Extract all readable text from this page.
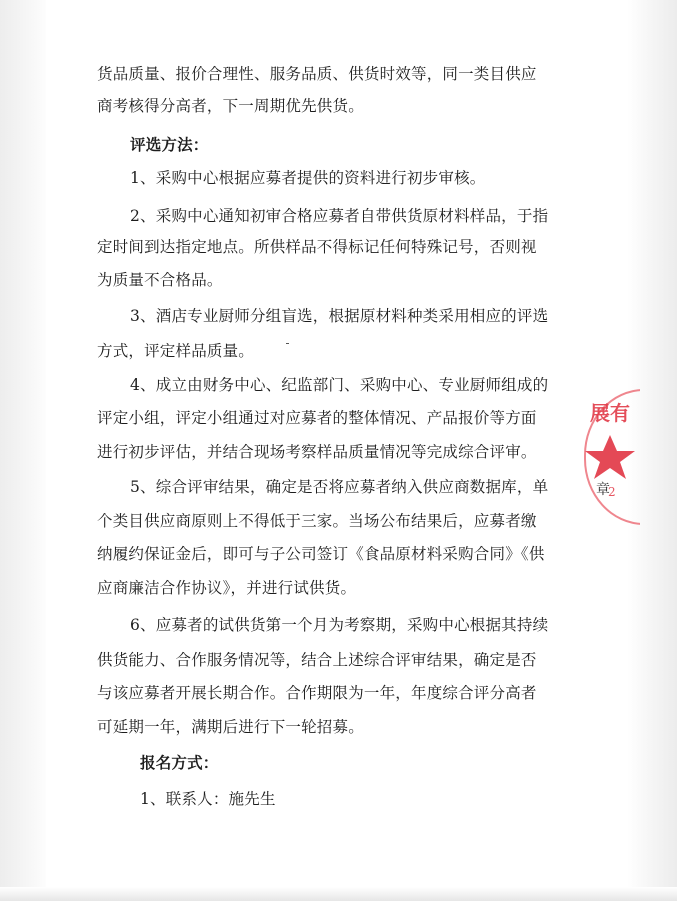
货品质量、报价合理性、服务品质、供货时效等，同一类目供应
商考核得分高者，下一周期优先供货。
评选方法：
1、采购中心根据应募者提供的资料进行初步审核。
2、采购中心通知初审合格应募者自带供货原材料样品，于指
定时间到达指定地点。所供样品不得标记任何特殊记号，否则视
为质量不合格品。
3、酒店专业厨师分组盲选，根据原材料种类采用相应的评选
方式，评定样品质量。
4、成立由财务中心、纪监部门、采购中心、专业厨师组成的
评定小组，评定小组通过对应募者的整体情况、产品报价等方面
进行初步评估，并结合现场考察样品质量情况等完成综合评审。
5、综合评审结果，确定是否将应募者纳入供应商数据库，单
个类目供应商原则上不得低于三家。当场公布结果后，应募者缴
纳履约保证金后，即可与子公司签订《食品原材料采购合同》《供
应商廉洁合作协议》，并进行试供货。
6、应募者的试供货第一个月为考察期，采购中心根据其持续
供货能力、合作服务情况等，结合上述综合评审结果，确定是否
与该应募者开展长期合作。合作期限为一年，年度综合评分高者
可延期一年，满期后进行下一轮招募。
报名方式：
1、联系人：施先生
展有
章
2
